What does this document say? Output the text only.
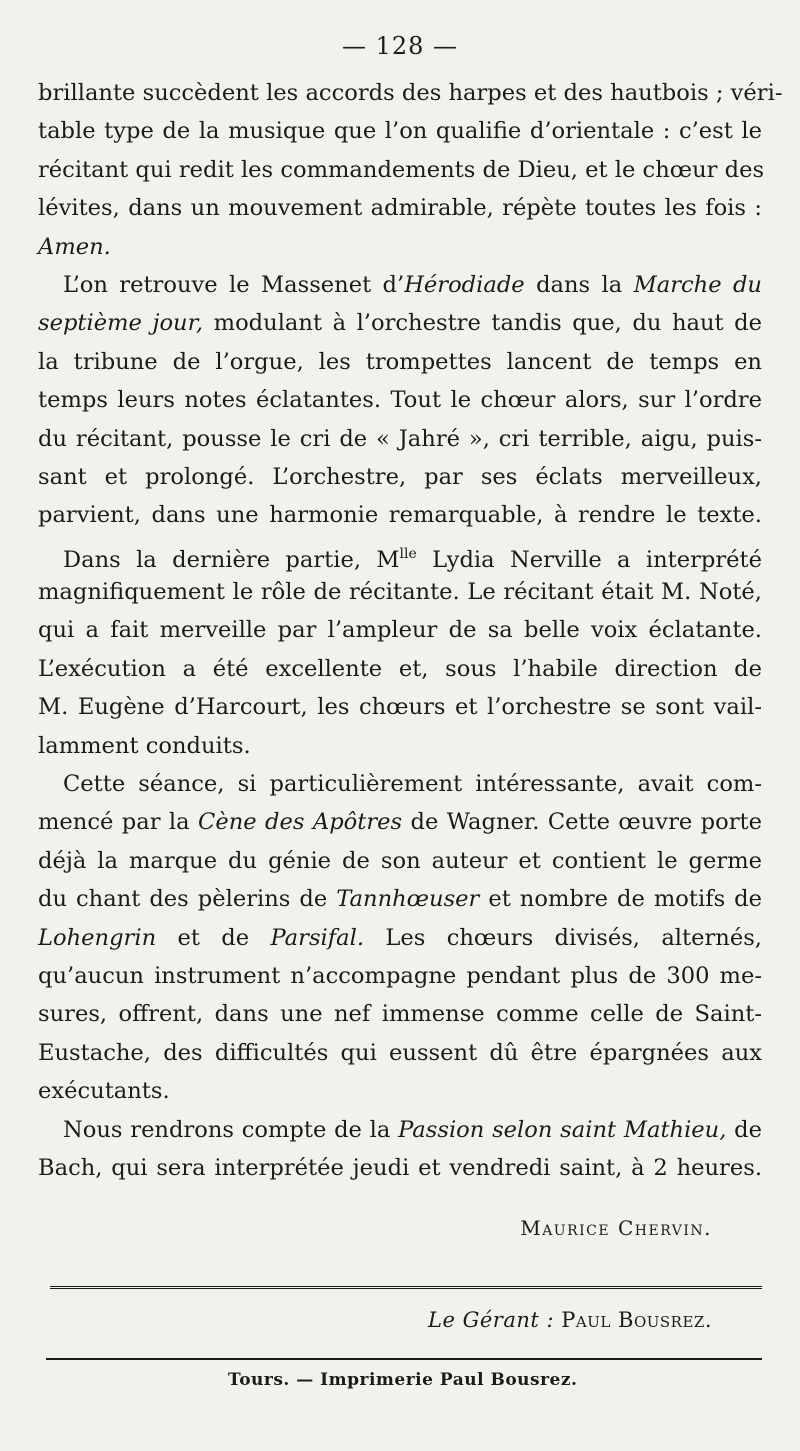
— 128 —
brillante succèdent les accords des harpes et des hautbois ; véri-
table type de la musique que l’on qualifie d’orientale : c’est le
récitant qui redit les commandements de Dieu, et le chœur des
lévites, dans un mouvement admirable, répète toutes les fois :
Amen.
L’on retrouve le Massenet d’Hérodiade dans la Marche du
septième jour, modulant à l’orchestre tandis que, du haut de
la tribune de l’orgue, les trompettes lancent de temps en
temps leurs notes éclatantes. Tout le chœur alors, sur l’ordre
du récitant, pousse le cri de « Jahré », cri terrible, aigu, puis-
sant et prolongé. L’orchestre, par ses éclats merveilleux,
parvient, dans une harmonie remarquable, à rendre le texte.
Dans la dernière partie, $M^{lle}$ Lydia Nerville a interprété
magnifiquement le rôle de récitante. Le récitant était M. Noté,
qui a fait merveille par l’ampleur de sa belle voix éclatante.
L’exécution a été excellente et, sous l’habile direction de
M. Eugène d’Harcourt, les chœurs et l’orchestre se sont vail-
lamment conduits.
Cette séance, si particulièrement intéressante, avait com-
mencé par la Cène des Apôtres de Wagner. Cette œuvre porte
déjà la marque du génie de son auteur et contient le germe
du chant des pèlerins de Tannhœuser et nombre de motifs de
Lohengrin et de Parsifal. Les chœurs divisés, alternés,
qu’aucun instrument n’accompagne pendant plus de 300 me-
sures, offrent, dans une nef immense comme celle de Saint-
Eustache, des difficultés qui eussent dû être épargnées aux
exécutants.
Nous rendrons compte de la Passion selon saint Mathieu, de
Bach, qui sera interprétée jeudi et vendredi saint, à 2 heures.
Maurice Chervin.
Le Gérant : Paul Bousrez.
Tours. — Imprimerie Paul Bousrez.
